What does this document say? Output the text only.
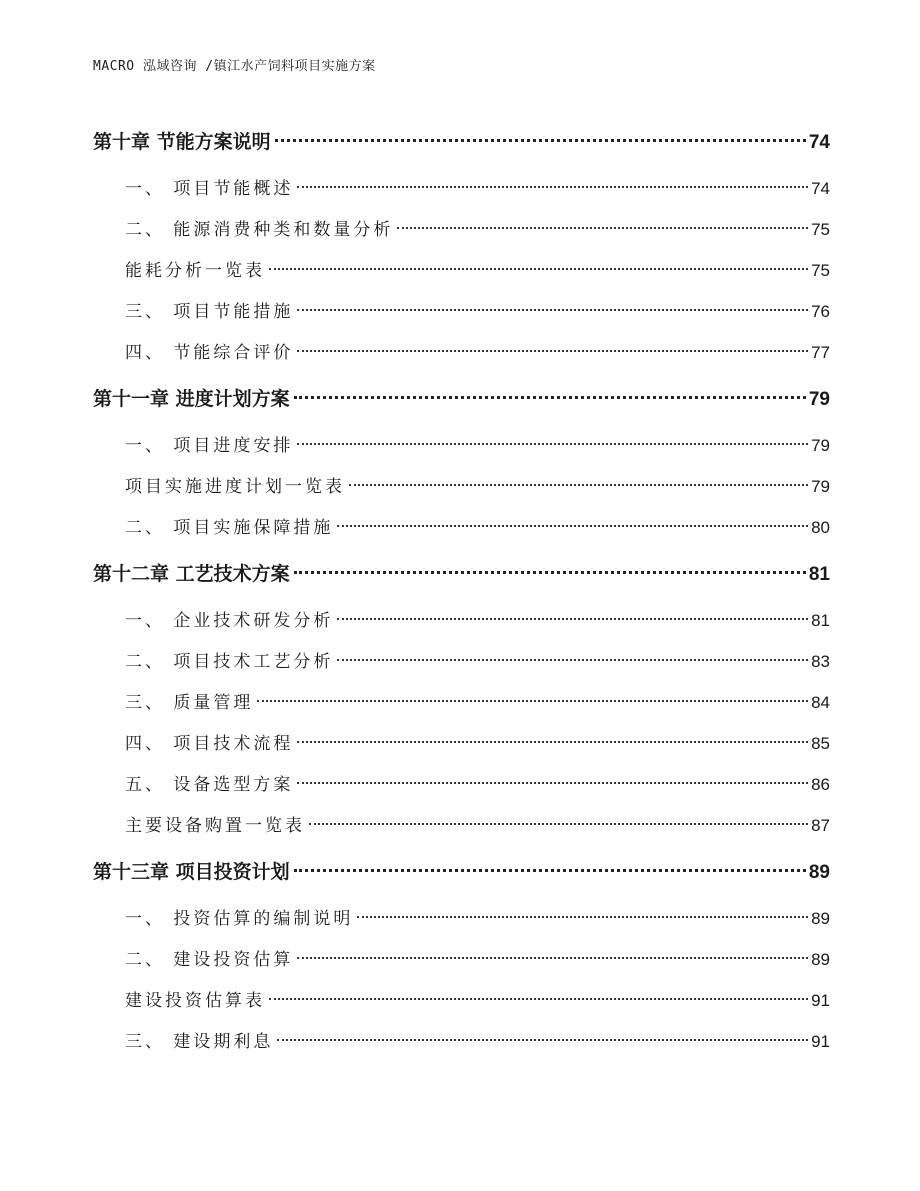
MACRO 泓域咨询 /镇江水产饲料项目实施方案
第十章 节能方案说明	74
一、 项目节能概述	74
二、 能源消费种类和数量分析	75
能耗分析一览表	75
三、 项目节能措施	76
四、 节能综合评价	77
第十一章 进度计划方案	79
一、 项目进度安排	79
项目实施进度计划一览表	79
二、 项目实施保障措施	80
第十二章 工艺技术方案	81
一、 企业技术研发分析	81
二、 项目技术工艺分析	83
三、 质量管理	84
四、 项目技术流程	85
五、 设备选型方案	86
主要设备购置一览表	87
第十三章 项目投资计划	89
一、 投资估算的编制说明	89
二、 建设投资估算	89
建设投资估算表	91
三、 建设期利息	91
